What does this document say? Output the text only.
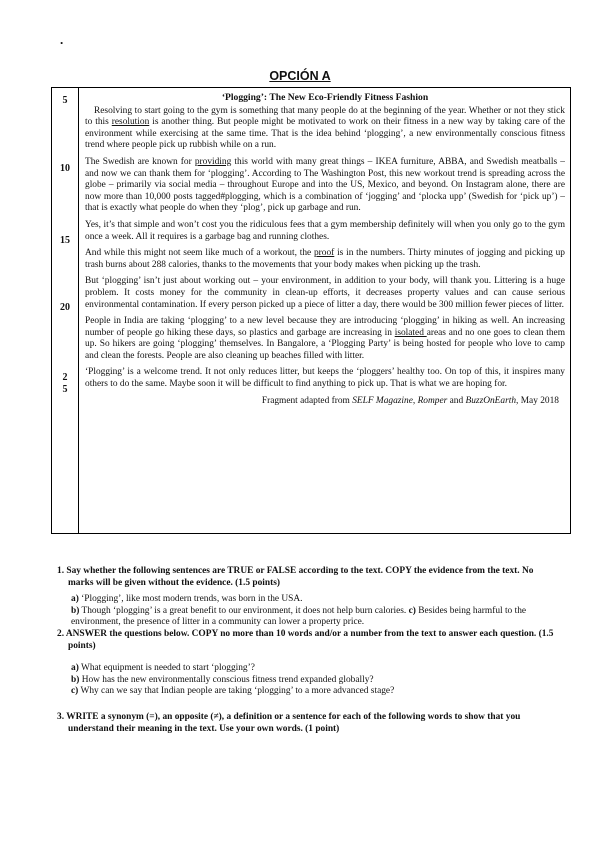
.
OPCIÓN A
5
10
15
20
2
5
‘Plogging’: The New Eco-Friendly Fitness Fashion

Resolving to start going to the gym is something that many people do at the beginning of the year. Whether or not they stick to this resolution is another thing. But people might be motivated to work on their fitness in a new way by taking care of the environment while exercising at the same time. That is the idea behind ‘plogging’, a new environmentally conscious fitness trend where people pick up rubbish while on a run.

The Swedish are known for providing this world with many great things – IKEA furniture, ABBA, and Swedish meatballs – and now we can thank them for ‘plogging’. According to The Washington Post, this new workout trend is spreading across the globe – primarily via social media – throughout Europe and into the US, Mexico, and beyond. On Instagram alone, there are now more than 10,000 posts tagged#plogging, which is a combination of ‘jogging’ and ‘plocka upp’ (Swedish for ‘pick up’) – that is exactly what people do when they ‘plog’, pick up garbage and run.

Yes, it’s that simple and won’t cost you the ridiculous fees that a gym membership definitely will when you only go to the gym once a week. All it requires is a garbage bag and running clothes.

And while this might not seem like much of a workout, the proof is in the numbers. Thirty minutes of jogging and picking up trash burns about 288 calories, thanks to the movements that your body makes when picking up the trash.

But ‘plogging’ isn’t just about working out – your environment, in addition to your body, will thank you. Littering is a huge problem. It costs money for the community in clean-up efforts, it decreases property values and can cause serious environmental contamination. If every person picked up a piece of litter a day, there would be 300 million fewer pieces of litter.

People in India are taking ‘plogging’ to a new level because they are introducing ‘plogging’ in hiking as well. An increasing number of people go hiking these days, so plastics and garbage are increasing in isolated areas and no one goes to clean them up. So hikers are going ‘plogging’ themselves. In Bangalore, a ‘Plogging Party’ is being hosted for people who love to camp and clean the forests. People are also cleaning up beaches filled with litter.

‘Plogging’ is a welcome trend. It not only reduces litter, but keeps the ‘ploggers’ healthy too. On top of this, it inspires many others to do the same. Maybe soon it will be difficult to find anything to pick up. That is what we are hoping for.

Fragment adapted from SELF Magazine, Romper and BuzzOnEarth, May 2018
1. Say whether the following sentences are TRUE or FALSE according to the text. COPY the evidence from the text. No marks will be given without the evidence. (1.5 points)
a) ‘Plogging’, like most modern trends, was born in the USA.
b) Though ‘plogging’ is a great benefit to our environment, it does not help burn calories. c) Besides being harmful to the environment, the presence of litter in a community can lower a property price.
2. ANSWER the questions below. COPY no more than 10 words and/or a number from the text to answer each question. (1.5 points)
a) What equipment is needed to start ‘plogging’?
b) How has the new environmentally conscious fitness trend expanded globally?
c) Why can we say that Indian people are taking ‘plogging’ to a more advanced stage?
3. WRITE a synonym (=), an opposite (≠), a definition or a sentence for each of the following words to show that you understand their meaning in the text. Use your own words. (1 point)
